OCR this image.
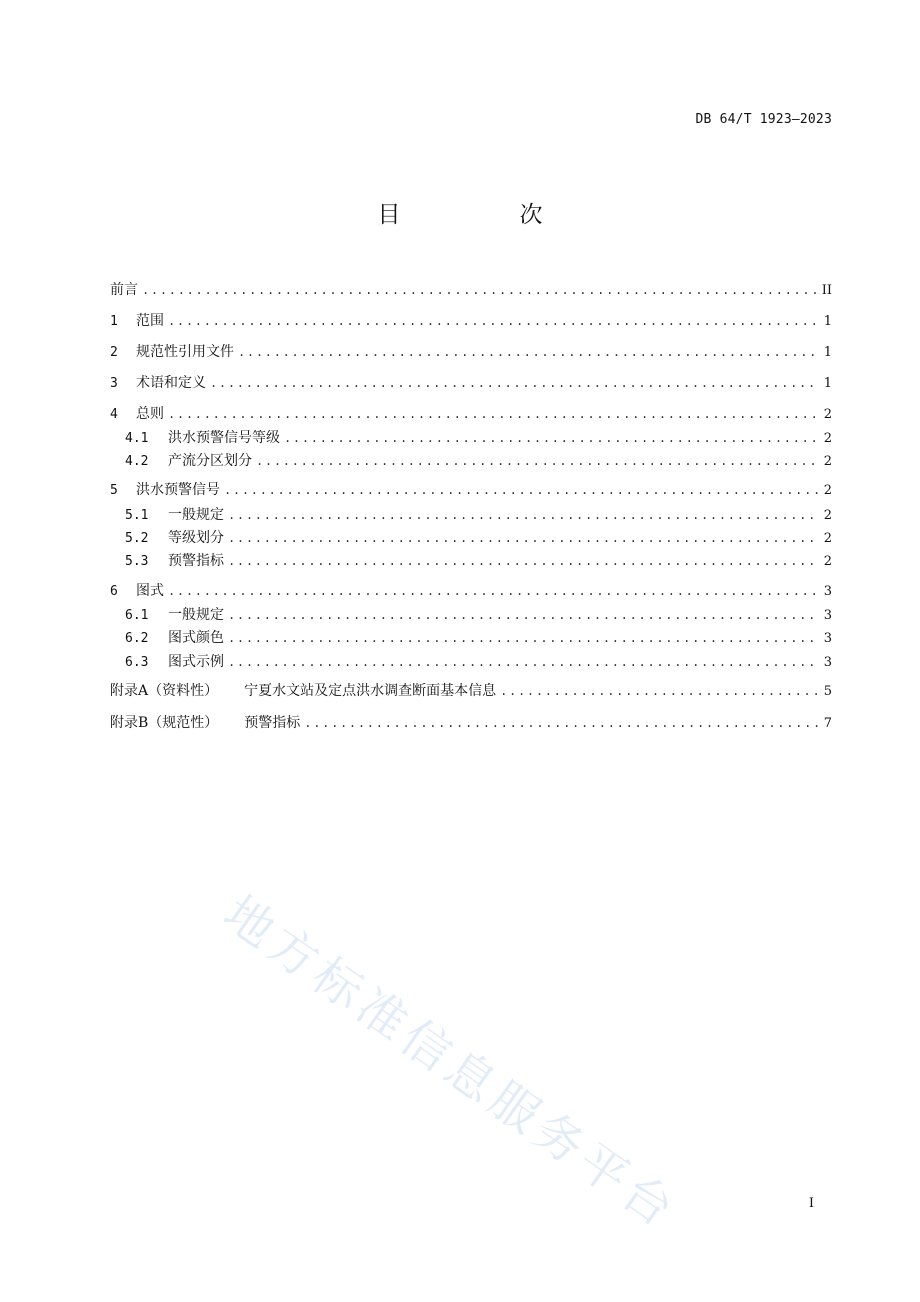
DB 64/T 1923—2023
目　次
前言 .....	II
1	范围 .....	1
2	规范性引用文件 .....	1
3	术语和定义 .....	1
4	总则 .....	2
4.1	洪水预警信号等级 .....	2
4.2	产流分区划分 .....	2
5	洪水预警信号 .....	2
5.1	一般规定 .....	2
5.2	等级划分 .....	2
5.3	预警指标 .....	2
6	图式 .....	3
6.1	一般规定 .....	3
6.2	图式颜色 .....	3
6.3	图式示例 .....	3
附录A（资料性） 宁夏水文站及定点洪水调查断面基本信息 .....	5
附录B（规范性） 预警指标 .....	7
地方标准信息服务平台	I
